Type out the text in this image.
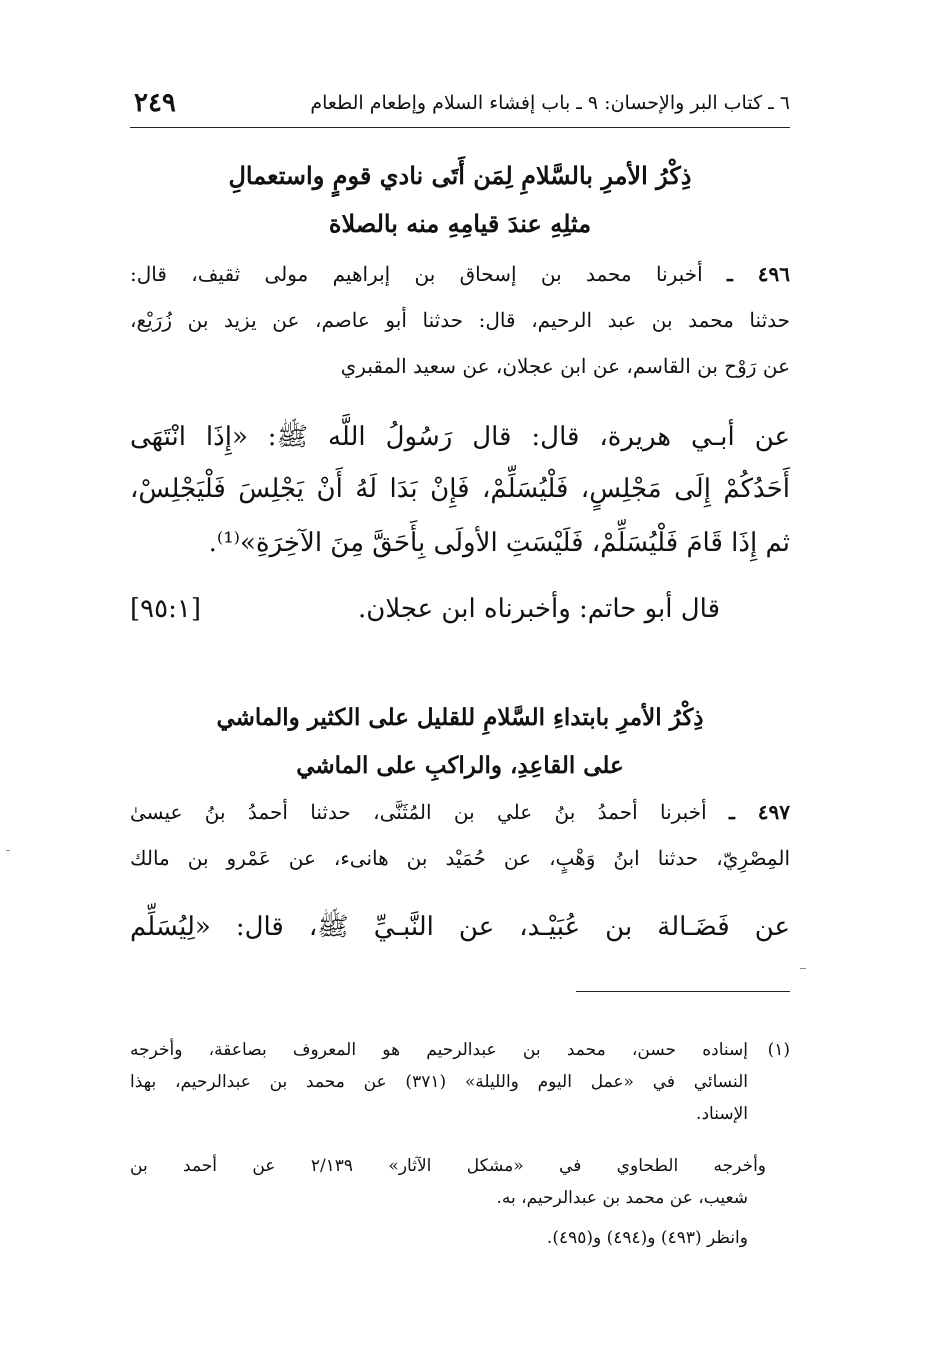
٦ ـ كتاب البر والإحسان: ٩ ـ باب إفشاء السلام وإطعام الطعام
٢٤٩
ذِكْرُ الأمرِ بالسَّلامِ لِمَن أَتَى نادي قومٍ واستعمالِ
مثلِهِ عندَ قيامِهِ منه بالصلاة
٤٩٦ ـ أخبرنا محمد بن إسحاق بن إبراهيم مولى ثقيف، قال:
حدثنا محمد بن عبد الرحيم، قال: حدثنا أبو عاصم، عن يزيد بن زُرَيْع،
عن رَوْح بن القاسم، عن ابن عجلان، عن سعيد المقبري
عن أبـي هريرة، قال: قال رَسُولُ اللَّه ﷺ: «إِذَا انْتَهَى
أَحَدُكُمْ إِلَى مَجْلِسٍ، فَلْيُسَلِّمْ، فَإِنْ بَدَا لَهُ أَنْ يَجْلِسَ فَلْيَجْلِسْ،
ثم إِذَا قَامَ فَلْيُسَلِّمْ، فَلَيْسَتِ الأولَى بِأَحَقَّ مِنَ الآخِرَةِ»⁽¹⁾.
قال أبو حاتم: وأخبرناه ابن عجلان.
[٩٥:١]
ذِكْرُ الأمرِ بابتداءِ السَّلامِ للقليل على الكثير والماشي
على القاعِدِ، والراكبِ على الماشي
٤٩٧ ـ أخبرنا أحمدُ بنُ علي بن المُثَنَّى، حدثنا أحمدُ بنُ عيسىٰ
المِصْرِيّ، حدثنا ابنُ وَهْبٍ، عن حُمَيْد بن هانىء، عن عَمْرو بن مالك
عن فَضَـالة بن عُبَيْـد، عن النَّبـيِّ ﷺ، قال: «لِيُسَلِّم
(١)
إسناده حسن، محمد بن عبدالرحيم هو المعروف بصاعقة، وأخرجه
النسائي في «عمل اليوم والليلة» (٣٧١) عن محمد بن عبدالرحيم، بهذا
الإسناد.
وأخرجه الطحاوي في «مشكل الآثار» ٢/١٣٩ عن أحمد بن
شعيب، عن محمد بن عبدالرحيم، به.
وانظر (٤٩٣) و(٤٩٤) و(٤٩٥).
